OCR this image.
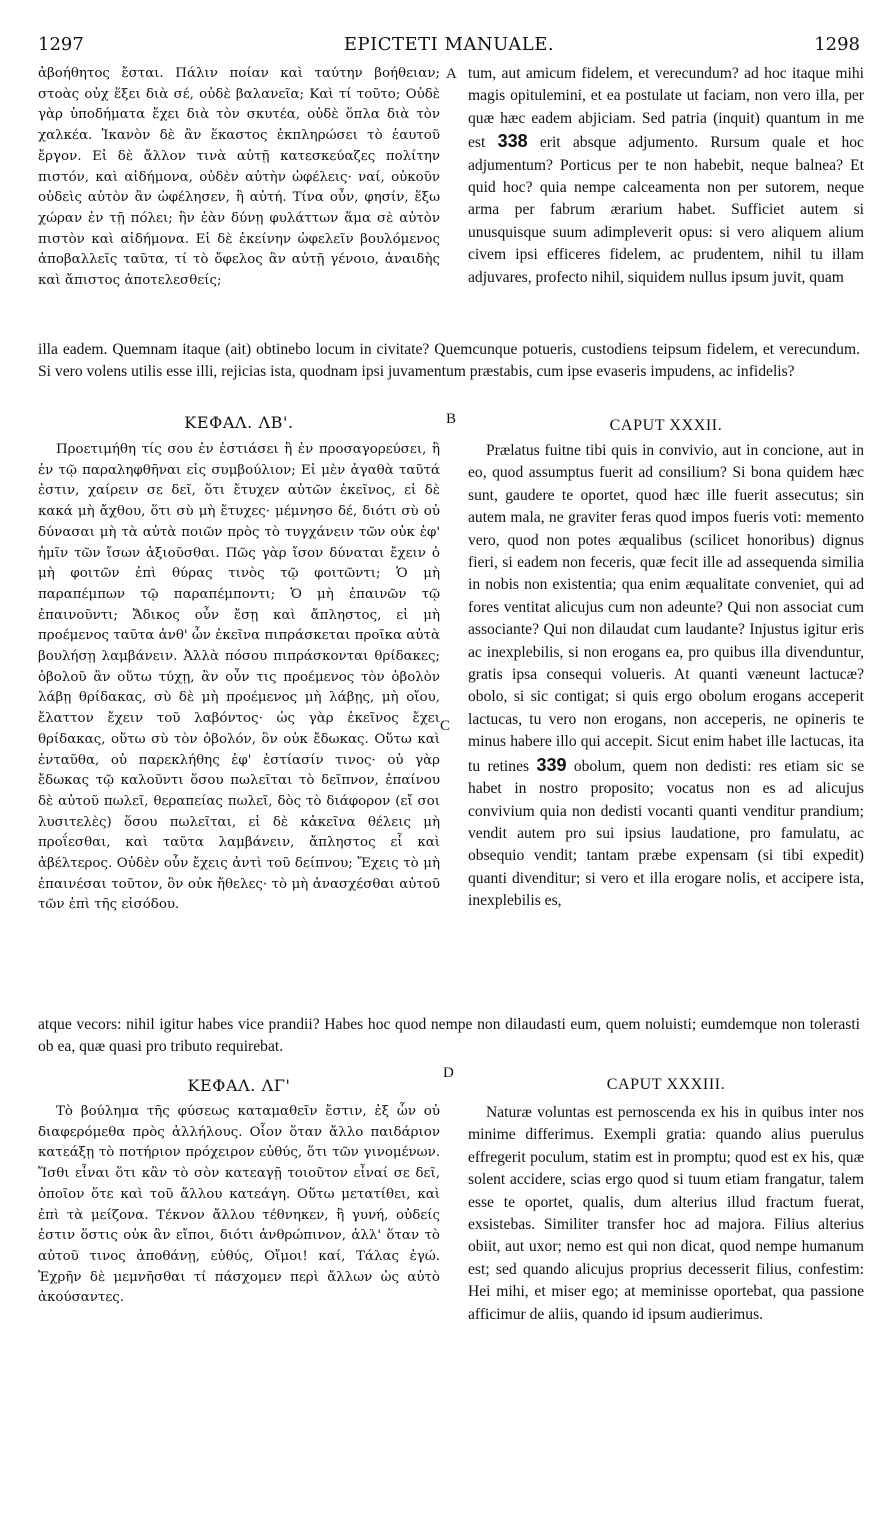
1297	EPICTETI MANUALE.	1298
ἀβοήθητος ἔσται. Πάλιν ποίαν καὶ ταύτην βοήθειαν; στοὰς οὐχ ἕξει διὰ σέ, οὐδὲ βαλανεῖα; Καὶ τί τοῦτο; Οὐδὲ γὰρ ὑποδήματα ἔχει διὰ τὸν σκυτέα, οὐδὲ ὅπλα διὰ τὸν χαλκέα. Ἱκανὸν δὲ ἂν ἕκαστος ἐκπληρώσει τὸ ἑαυτοῦ ἔργον. Εἰ δὲ ἄλλον τινὰ αὐτῇ κατεσκεύαζες πολίτην πιστόν, καὶ αἰδήμονα, οὐδὲν αὐτὴν ὠφέλεις· ναί, οὐκοῦν οὐδεὶς αὐτὸν ἂν ὠφέλησεν, ἢ αὐτή. Τίνα οὖν, φησίν, ἕξω χώραν ἐν τῇ πόλει; ἣν ἐὰν δύνῃ φυλάττων ἅμα σὲ αὐτὸν πιστὸν καὶ αἰδήμονα. Εἰ δὲ ἐκείνην ὠφελεῖν βουλόμενος ἀποβαλλεῖς ταῦτα, τί τὸ ὄφελος ἂν αὐτῇ γένοιο, ἀναιδὴς καὶ ἄπιστος ἀποτελεσθείς;
A tum, aut amicum fidelem, et verecundum? ad hoc itaque mihi magis opitulemini, et ea postulate ut faciam, non vero illa, per quæ hæc eadem abjiciam. Sed patria (inquit) quantum in me est 338 erit absque adjumento. Rursum quale et hoc adjumentum? Porticus per te non habebit, neque balnea? Et quid hoc? quia nempe calceamenta non per sutorem, neque arma per fabrum ærarium habet. Sufficiet autem si unusquisque suum adimpleverit opus: si vero aliquem alium civem ipsi efficeres fidelem, ac prudentem, nihil tu illam adjuvares, profecto nihil, siquidem nullus ipsum juvit, quam
illa eadem. Quemnam itaque (ait) obtinebo locum in civitate? Quemcunque potueris, custodiens teipsum fidelem, et verecundum. Si vero volens utilis esse illi, rejicias ista, quodnam ipsi juvamentum præstabis, cum ipse evaseris impudens, ac infidelis?
ΚΕΦΑΛ. ΛΒ'.	B	CAPUT XXXII.
Προετιμήθη τίς σου ἐν ἑστιάσει ἢ ἐν προσαγορεύσει, ἢ ἐν τῷ παραληφθῆναι εἰς συμβούλιον; Εἰ μὲν ἀγαθὰ ταῦτά ἐστιν, χαίρειν σε δεῖ, ὅτι ἔτυχεν αὐτῶν ἐκεῖνος, εἰ δὲ κακά μὴ ἄχθου, ὅτι σὺ μὴ ἔτυχες· μέμνησο δέ, διότι σὺ οὐ δύνασαι μὴ τὰ αὐτὰ ποιῶν πρὸς τὸ τυγχάνειν τῶν οὐκ ἐφ' ἡμῖν τῶν ἴσων ἀξιοῦσθαι. Πῶς γὰρ ἴσον δύναται ἔχειν ὁ μὴ φοιτῶν ἐπὶ θύρας τινὸς τῷ φοιτῶντι; Ὁ μὴ παραπέμπων τῷ παραπέμποντι; Ὁ μὴ ἐπαινῶν τῷ ἐπαινοῦντι; Ἄδικος οὖν ἔσῃ καὶ ἄπληστος, εἰ μὴ προέμενος ταῦτα ἀνθ' ὧν ἐκεῖνα πιπράσκεται προῖκα αὐτὰ βουλήσῃ λαμβάνειν. Ἀλλὰ πόσου πιπράσκονται θρίδακες; ὀβολοῦ ἂν οὕτω τύχῃ, ἂν οὖν τις προέμενος τὸν ὀβολὸν λάβῃ θρίδακας, σὺ δὲ μὴ προέμενος μὴ λάβῃς, μὴ οἴου, ἔλαττον ἔχειν τοῦ λαβόντος· ὡς γὰρ ἐκεῖνος ἔχει θρίδακας, οὕτω σὺ τὸν ὀβολόν, ὃν οὐκ ἔδωκας. Οὕτω καὶ ἐνταῦθα, οὐ παρεκλήθης ἐφ' ἑστίασίν τινος· οὐ γὰρ ἔδωκας τῷ καλοῦντι ὅσου πωλεῖται τὸ δεῖπνον, ἐπαίνου δὲ αὐτοῦ πωλεῖ, θεραπείας πωλεῖ, δὸς τὸ διάφορον (εἴ σοι λυσιτελὲς) ὅσου πωλεῖται, εἰ δὲ κἀκεῖνα θέλεις μὴ προΐεσθαι, καὶ ταῦτα λαμβάνειν, ἄπληστος εἶ καὶ ἀβέλτερος. Οὐδὲν οὖν ἔχεις ἀντὶ τοῦ δείπνου; Ἔχεις τὸ μὴ ἐπαινέσαι τοῦτον, ὃν οὐκ ἤθελες· τὸ μὴ ἀνασχέσθαι αὐτοῦ τῶν ἐπὶ τῆς εἰσόδου.
C
Prælatus fuitne tibi quis in convivio, aut in concione, aut in eo, quod assumptus fuerit ad consilium? Si bona quidem hæc sunt, gaudere te oportet, quod hæc ille fuerit assecutus; sin autem mala, ne graviter feras quod impos fueris voti: memento vero, quod non potes æqualibus (scilicet honoribus) dignus fieri, si eadem non feceris, quæ fecit ille ad assequenda similia in nobis non existentia; qua enim æqualitate conveniet, qui ad fores ventitat alicujus cum non adeunte? Qui non associat cum associante? Qui non dilaudat cum laudante? Injustus igitur eris ac inexplebilis, si non erogans ea, pro quibus illa divenduntur, gratis ipsa consequi volueris. At quanti væneunt lactucæ? obolo, si sic contigat; si quis ergo obolum erogans acceperit lactucas, tu vero non erogans, non acceperis, ne opineris te minus habere illo qui accepit. Sicut enim habet ille lactucas, ita tu retines 339 obolum, quem non dedisti: res etiam sic se habet in nostro proposito; vocatus non es ad alicujus convivium quia non dedisti vocanti quanti venditur prandium; vendit autem pro sui ipsius laudatione, pro famulatu, ac obsequio vendit; tantam præbe expensam (si tibi expedit) quanti divenditur; si vero et illa erogare nolis, et accipere ista, inexplebilis es,
atque vecors: nihil igitur habes vice prandii? Habes hoc quod nempe non dilaudasti eum, quem noluisti; eumdemque non tolerasti ob ea, quæ quasi pro tributo requirebat.
ΚΕΦΑΛ. ΛΓ'
D
CAPUT XXXIII.
Τὸ βούλημα τῆς φύσεως καταμαθεῖν ἔστιν, ἐξ ὧν οὐ διαφερόμεθα πρὸς ἀλλήλους. Οἷον ὅταν ἄλλο παιδάριον κατεάξῃ τὸ ποτήριον πρόχειρον εὐθύς, ὅτι τῶν γινομένων. Ἴσθι εἶναι ὅτι κἂν τὸ σὸν κατεαγῇ τοιοῦτον εἶναί σε δεῖ, ὁποῖον ὅτε καὶ τοῦ ἄλλου κατεάγη. Οὕτω μετατίθει, καὶ ἐπὶ τὰ μείζονα. Τέκνον ἄλλου τέθνηκεν, ἢ γυνή, οὐδείς ἐστιν ὅστις οὐκ ἂν εἴποι, διότι ἀνθρώπινον, ἀλλ' ὅταν τὸ αὐτοῦ τινος ἀποθάνῃ, εὐθύς, Οἴμοι! καί, Τάλας ἐγώ. Ἐχρῆν δὲ μεμνῆσθαι τί πάσχομεν περὶ ἄλλων ὡς αὐτὸ ἀκούσαντες.
Naturæ voluntas est pernoscenda ex his in quibus inter nos minime differimus. Exempli gratia: quando alius puerulus effregerit poculum, statim est in promptu; quod est ex his, quæ solent accidere, scias ergo quod si tuum etiam frangatur, talem esse te oportet, qualis, dum alterius illud fractum fuerat, exsistebas. Similiter transfer hoc ad majora. Filius alterius obiit, aut uxor; nemo est qui non dicat, quod nempe humanum est; sed quando alicujus proprius decesserit filius, confestim: Hei mihi, et miser ego; at meminisse oportebat, qua passione afficimur de aliis, quando id ipsum audierimus.
